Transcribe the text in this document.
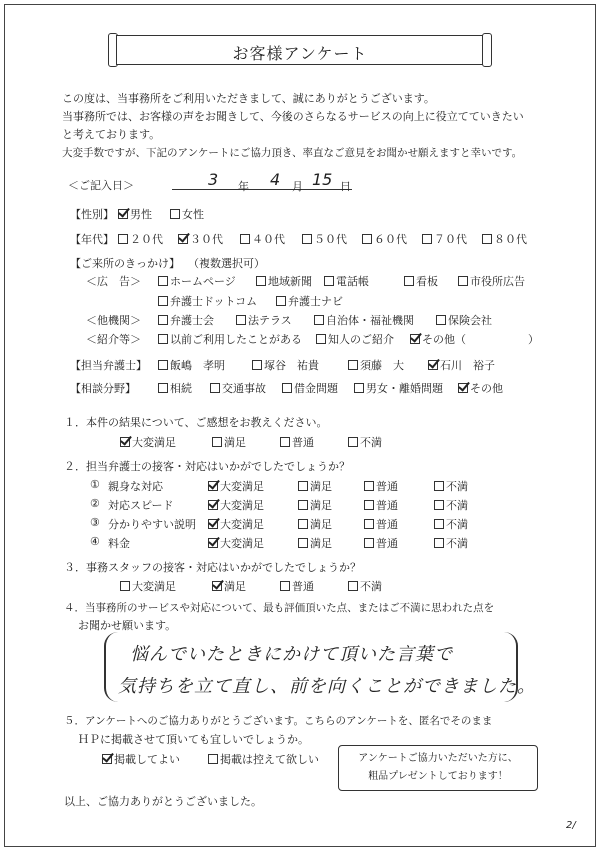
お客様アンケート
この度は、当事務所をご利用いただきまして、誠にありがとうございます。
当事務所では、お客様の声をお聞きして、今後のさらなるサービスの向上に役立てていきたい
と考えております。
大変手数ですが、下記のアンケートにご協力頂き、率直なご意見をお聞かせ願えますと幸いです。
＜ご記入日＞	3 年 4 月 15 日
【性別】	男性	女性
【年代】	２０代	３０代	４０代	５０代	６０代	７０代	８０代
【ご来所のきっかけ】 （複数選択可）
＜広　告＞	ホームページ	地域新聞	電話帳	看板	市役所広告
弁護士ドットコム	弁護士ナビ
＜他機関＞	弁護士会	法テラス	自治体・福祉機関	保険会社
＜紹介等＞	以前ご利用したことがある	知人のご紹介	その他（	）
【担当弁護士】	飯嶋　孝明	塚谷　祐貴	須藤　大	石川　裕子
【相談分野】	相続	交通事故	借金問題	男女・離婚問題	その他
１．本件の結果について、ご感想をお教えください。
大変満足	満足	普通	不満
２．担当弁護士の接客・対応はいかがでしたでしょうか？
① 親身な対応	大変満足	満足	普通	不満
② 対応スピード	大変満足	満足	普通	不満
③ 分かりやすい説明	大変満足	満足	普通	不満
④ 料金	大変満足	満足	普通	不満
３．事務スタッフの接客・対応はいかがでしたでしょうか？
大変満足	満足	普通	不満
４．当事務所のサービスや対応について、最も評価頂いた点、またはご不満に思われた点を
お聞かせ願います。
悩んでいたときにかけて頂いた言葉で
気持ちを立て直し、前を向くことができました。
５．アンケートへのご協力ありがとうございます。こちらのアンケートを、匿名でそのまま
ＨＰに掲載させて頂いても宜しいでしょうか。
掲載してよい	掲載は控えて欲しい	アンケートご協力いただいた方に、
粗品プレゼントしております！
以上、ご協力ありがとうございました。
2/
